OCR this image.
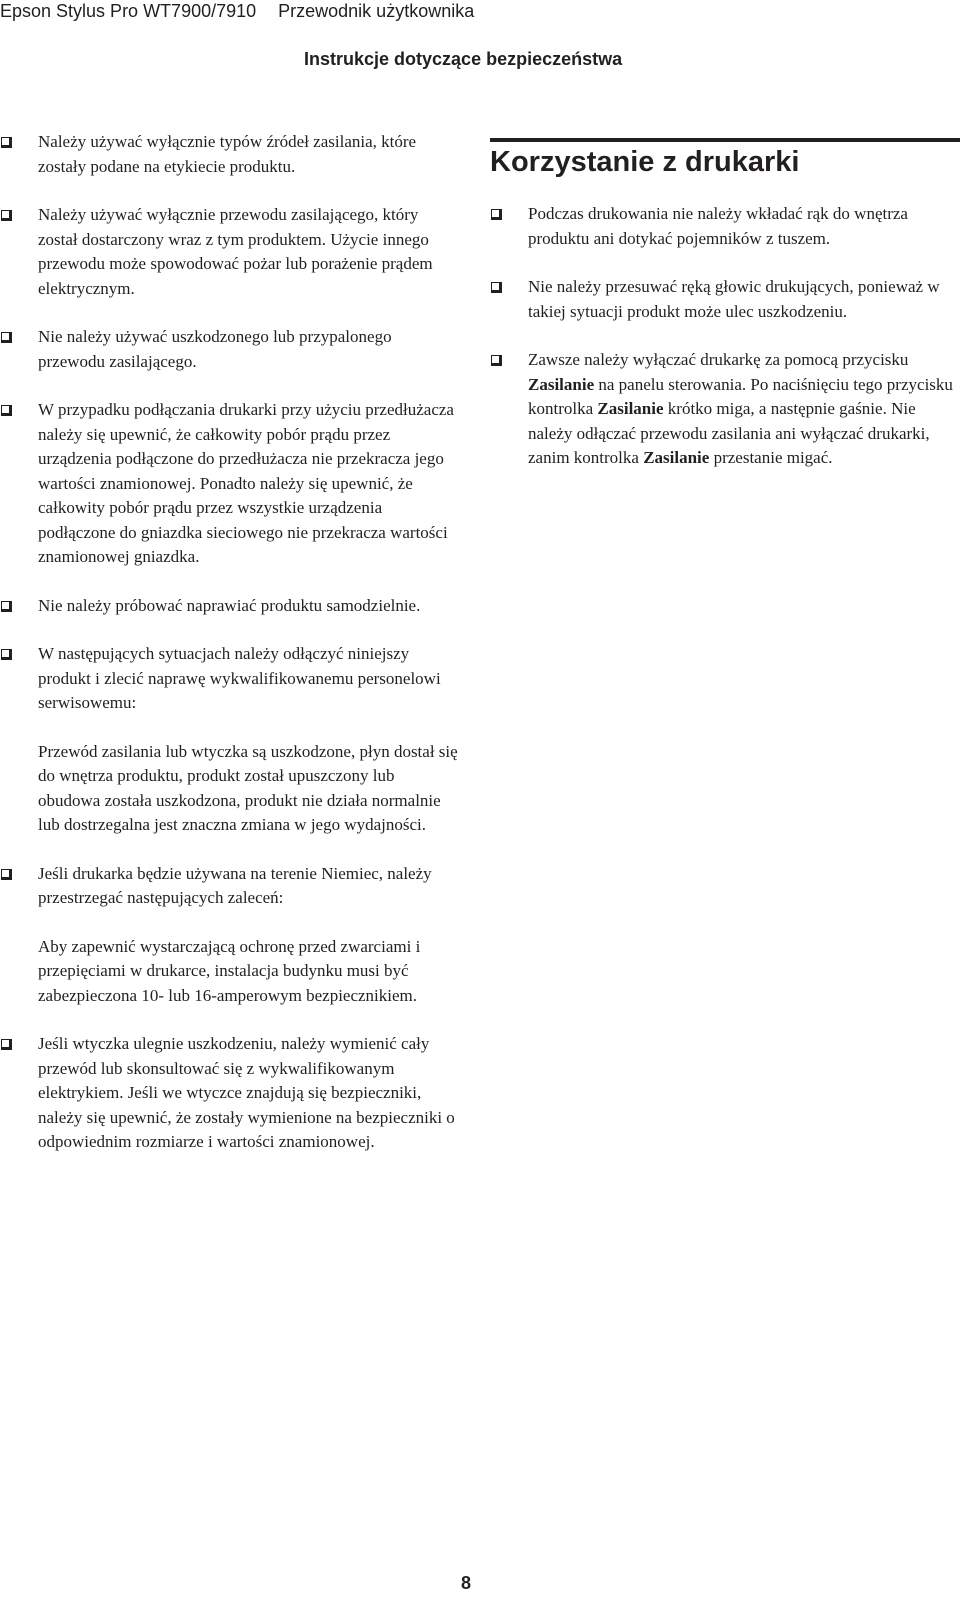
Epson Stylus Pro WT7900/7910 Przewodnik użytkownika
Instrukcje dotyczące bezpieczeństwa
Należy używać wyłącznie typów źródeł zasilania, które zostały podane na etykiecie produktu.
Należy używać wyłącznie przewodu zasilającego, który został dostarczony wraz z tym produktem. Użycie innego przewodu może spowodować pożar lub porażenie prądem elektrycznym.
Nie należy używać uszkodzonego lub przypalonego przewodu zasilającego.
W przypadku podłączania drukarki przy użyciu przedłużacza należy się upewnić, że całkowity pobór prądu przez urządzenia podłączone do przedłużacza nie przekracza jego wartości znamionowej. Ponadto należy się upewnić, że całkowity pobór prądu przez wszystkie urządzenia podłączone do gniazdka sieciowego nie przekracza wartości znamionowej gniazdka.
Nie należy próbować naprawiać produktu samodzielnie.
W następujących sytuacjach należy odłączyć niniejszy produkt i zlecić naprawę wykwalifikowanemu personelowi serwisowemu:
Przewód zasilania lub wtyczka są uszkodzone, płyn dostał się do wnętrza produktu, produkt został upuszczony lub obudowa została uszkodzona, produkt nie działa normalnie lub dostrzegalna jest znaczna zmiana w jego wydajności.
Jeśli drukarka będzie używana na terenie Niemiec, należy przestrzegać następujących zaleceń:
Aby zapewnić wystarczającą ochronę przed zwarciami i przepięciami w drukarce, instalacja budynku musi być zabezpieczona 10- lub 16-amperowym bezpiecznikiem.
Jeśli wtyczka ulegnie uszkodzeniu, należy wymienić cały przewód lub skonsultować się z wykwalifikowanym elektrykiem. Jeśli we wtyczce znajdują się bezpieczniki, należy się upewnić, że zostały wymienione na bezpieczniki o odpowiednim rozmiarze i wartości znamionowej.
Korzystanie z drukarki
Podczas drukowania nie należy wkładać rąk do wnętrza produktu ani dotykać pojemników z tuszem.
Nie należy przesuwać ręką głowic drukujących, ponieważ w takiej sytuacji produkt może ulec uszkodzeniu.
Zawsze należy wyłączać drukarkę za pomocą przycisku Zasilanie na panelu sterowania. Po naciśnięciu tego przycisku kontrolka Zasilanie krótko miga, a następnie gaśnie. Nie należy odłączać przewodu zasilania ani wyłączać drukarki, zanim kontrolka Zasilanie przestanie migać.
8
